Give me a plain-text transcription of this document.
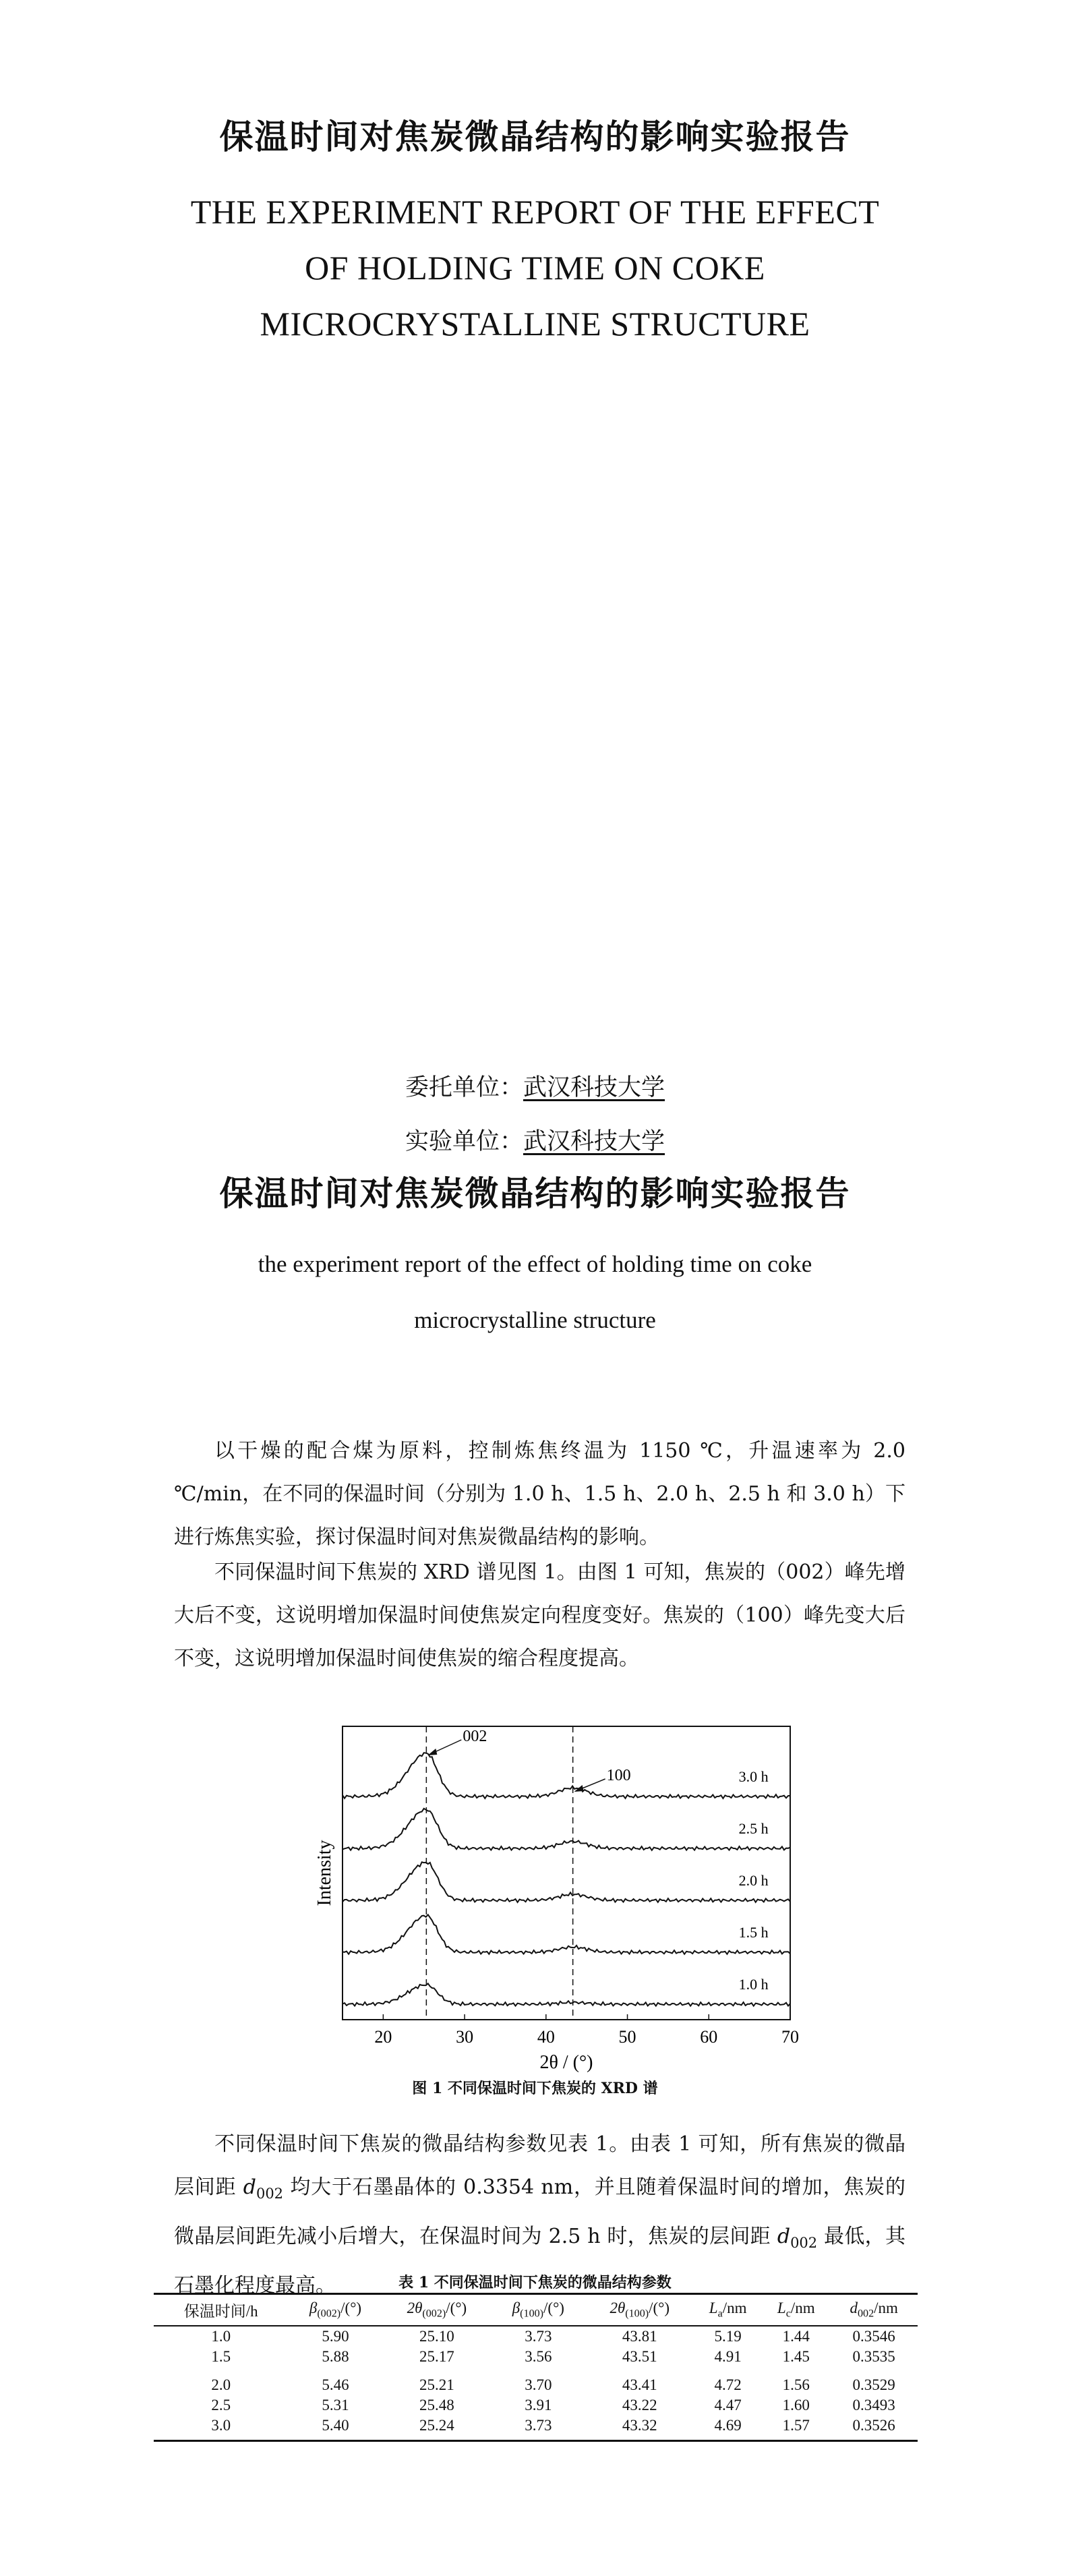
保温时间对焦炭微晶结构的影响实验报告
THE EXPERIMENT REPORT OF THE EFFECT
OF HOLDING TIME ON COKE
MICROCRYSTALLINE STRUCTURE
委托单位：武汉科技大学
实验单位：武汉科技大学
保温时间对焦炭微晶结构的影响实验报告
the experiment report of the effect of holding time on coke
microcrystalline structure

以干燥的配合煤为原料，控制炼焦终温为 1150 ℃，升温速率为 2.0 ℃/min，在不同的保温时间（分别为 1.0 h、1.5 h、2.0 h、2.5 h 和 3.0 h）下进行炼焦实验，探讨保温时间对焦炭微晶结构的影响。

不同保温时间下焦炭的 XRD 谱见图 1。由图 1 可知，焦炭的（002）峰先增大后不变，这说明增加保温时间使焦炭定向程度变好。焦炭的（100）峰先变大后不变，这说明增加保温时间使焦炭的缩合程度提高。

20	30	40	50	60	70
3.0 h
2.5 h
2.0 h
1.5 h
1.0 h
002
100
2θ / (°)
Intensity
图 1 不同保温时间下焦炭的 XRD 谱

不同保温时间下焦炭的微晶结构参数见表 1。由表 1 可知，所有焦炭的微晶层间距 $d_{002}$ 均大于石墨晶体的 0.3354 nm，并且随着保温时间的增加，焦炭的微晶层间距先减小后增大，在保温时间为 2.5 h 时，焦炭的层间距 $d_{002}$ 最低，其石墨化程度最高。	表 1 不同保温时间下焦炭的微晶结构参数
保温时间/h	$\beta_{(002)}/(^\circ)$	$2\theta_{(002)}/(^\circ)$	$\beta_{(100)}/(^\circ)$	$2\theta_{(100)}/(^\circ)$	$L_a/nm$	$L_c/nm$	$d_{002}/nm$
1.0	5.90	25.10	3.73	43.81	5.19	1.44	0.3546
1.5	5.88	25.17	3.56	43.51	4.91	1.45	0.3535
2.0	5.46	25.21	3.70	43.41	4.72	1.56	0.3529
2.5	5.31	25.48	3.91	43.22	4.47	1.60	0.3493
3.0	5.40	25.24	3.73	43.32	4.69	1.57	0.3526
